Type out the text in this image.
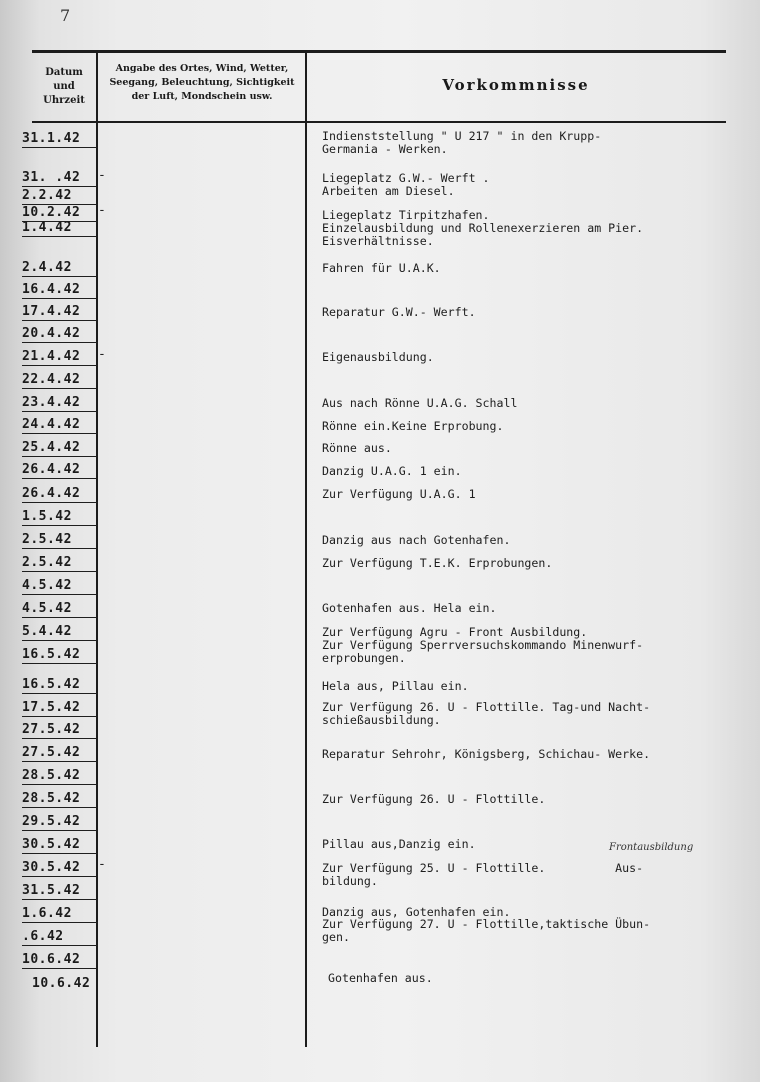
7
Datum und Uhrzeit
Angabe des Ortes, Wind, Wetter, Seegang, Beleuchtung, Sichtigkeit der Luft, Mondschein usw.
Vorkommnisse
31.1.42
31. .42
2.2.42
10.2.42
1.4.42
2.4.42
16.4.42
17.4.42
20.4.42
21.4.42
22.4.42
23.4.42
24.4.42
25.4.42
26.4.42
26.4.42
1.5.42
2.5.42
2.5.42
4.5.42
4.5.42
5.4.42
16.5.42
16.5.42
17.5.42
27.5.42
27.5.42
28.5.42
28.5.42
29.5.42
30.5.42
30.5.42
31.5.42
1.6.42
.6.42
10.6.42
10.6.42
-
-
-
-
Indienststellung " U 217 " in den Krupp-
Germania - Werken.
Liegeplatz G.W.- Werft .
Arbeiten am Diesel.
Liegeplatz Tirpitzhafen.
Einzelausbildung und Rollenexerzieren am Pier.
Eisverhältnisse.
Fahren für U.A.K.
Reparatur G.W.- Werft.
Eigenausbildung.
Aus nach Rönne U.A.G. Schall
Rönne ein.Keine Erprobung.
Rönne aus.
Danzig U.A.G. 1 ein.
Zur Verfügung U.A.G. 1
Danzig aus nach Gotenhafen.
Zur Verfügung T.E.K. Erprobungen.
Gotenhafen aus. Hela ein.
Zur Verfügung Agru - Front Ausbildung.
Zur Verfügung Sperrversuchskommando Minenwurf-
erprobungen.
Hela aus, Pillau ein.
Zur Verfügung 26. U - Flottille. Tag-und Nacht-
schießausbildung.
Reparatur Sehrohr, Königsberg, Schichau- Werke.
Zur Verfügung 26. U - Flottille.
Pillau aus,Danzig ein.
Zur Verfügung 25. U - Flottille.          Aus-
bildung.
Danzig aus, Gotenhafen ein.
Zur Verfügung 27. U - Flottille,taktische Übun-
gen.
Gotenhafen aus.
Frontausbildung
